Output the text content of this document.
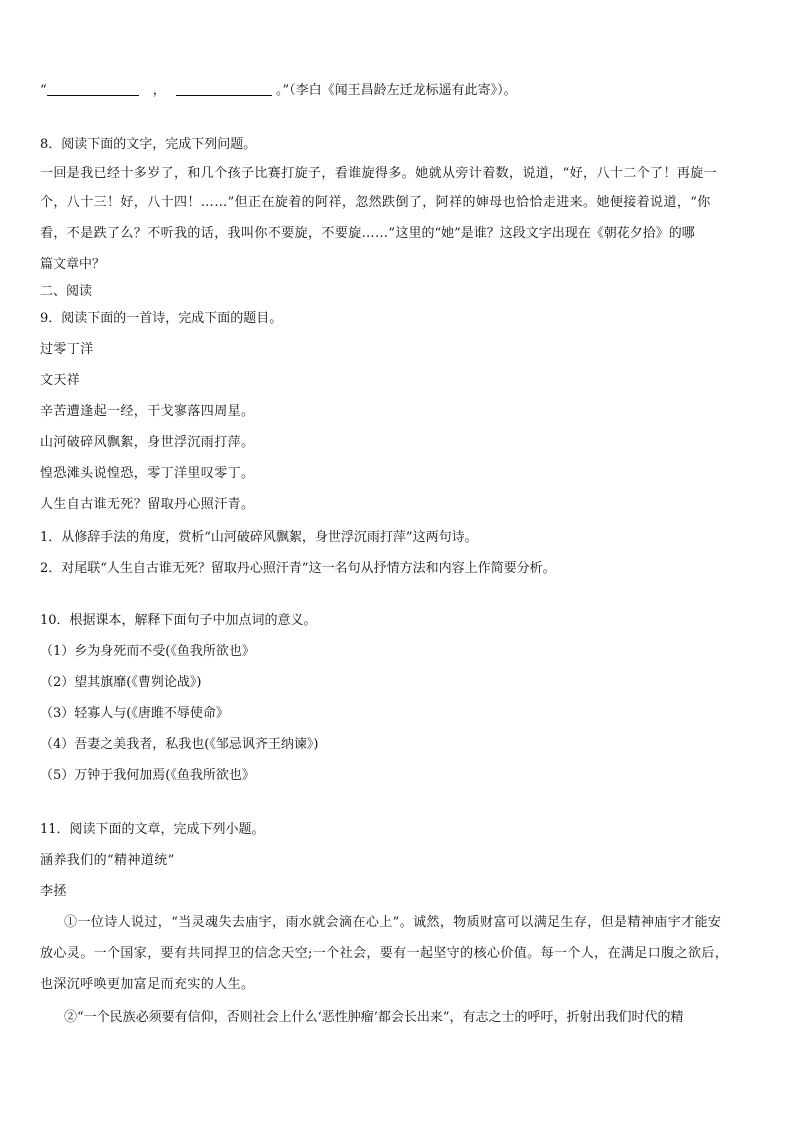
“	，	。”（李白《闻王昌龄左迁龙标遥有此寄》）。
8．阅读下面的文字，完成下列问题。
一回是我已经十多岁了，和几个孩子比赛打旋子，看谁旋得多。她就从旁计着数，说道，“好，八十二个了！再旋一
个，八十三！好，八十四！……”但正在旋着的阿祥，忽然跌倒了，阿祥的婶母也恰恰走进来。她便接着说道，“你
看，不是跌了么？不听我的话，我叫你不要旋，不要旋……”这里的“她”是谁？这段文字出现在《朝花夕拾》的哪
篇文章中？
二、阅读
9．阅读下面的一首诗，完成下面的题目。
过零丁洋
文天祥
辛苦遭逢起一经，干戈寥落四周星。
山河破碎风飘絮，身世浮沉雨打萍。
惶恐滩头说惶恐，零丁洋里叹零丁。
人生自古谁无死？留取丹心照汗青。
1．从修辞手法的角度，赏析“山河破碎风飘絮，身世浮沉雨打萍”这两句诗。
2．对尾联“人生自古谁无死？留取丹心照汗青”这一名句从抒情方法和内容上作简要分析。
10．根据课本，解释下面句子中加点词的意义。
（1）乡为身死而不受(《鱼我所欲也》
（2）望其旗靡(《曹刿论战》)
（3）轻寡人与(《唐雎不辱使命》
（4）吾妻之美我者，私我也(《邹忌讽齐王纳谏》)
（5）万钟于我何加焉(《鱼我所欲也》
11．阅读下面的文章，完成下列小题。
涵养我们的“精神道统”
李拯
①一位诗人说过，“当灵魂失去庙宇，雨水就会滴在心上”。诚然，物质财富可以满足生存，但是精神庙宇才能安
放心灵。一个国家，要有共同捍卫的信念天空;一个社会，要有一起坚守的核心价值。每一个人，在满足口腹之欲后，
也深沉呼唤更加富足而充实的人生。
②“一个民族必须要有信仰，否则社会上什么‘恶性肿瘤’都会长出来”，有志之士的呼吁，折射出我们时代的精
